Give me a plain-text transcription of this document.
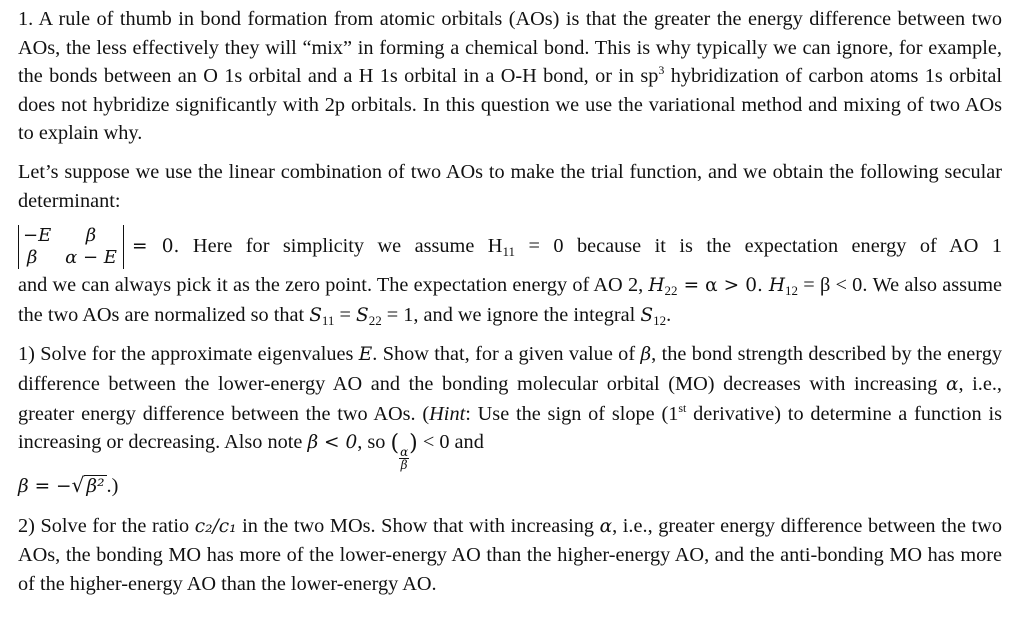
1. A rule of thumb in bond formation from atomic orbitals (AOs) is that the greater the energy difference between two AOs, the less effectively they will “mix” in forming a chemical bond. This is why typically we can ignore, for example, the bonds between an O 1s orbital and a H 1s orbital in a O-H bond, or in $sp^3$ hybridization of carbon atoms 1s orbital does not hybridize significantly with 2p orbitals. In this question we use the variational method and mixing of two AOs to explain why.

Let’s suppose we use the linear combination of two AOs to make the trial function, and we obtain the following secular determinant:

−E	β
β	α − E
= 0. Here for simplicity we assume $H_{11} = 0$ because it is the expectation energy of AO 1

and we can always pick it as the zero point. The expectation energy of AO 2, $H_{22} = \alpha > 0$. $H_{12} = \beta < 0$. We also assume the two AOs are normalized so that $S_{11} = S_{22} = 1$, and we ignore the integral $S_{12}$.

1) Solve for the approximate eigenvalues E. Show that, for a given value of β, the bond strength described by the energy difference between the lower-energy AO and the bonding molecular orbital (MO) decreases with increasing α, i.e., greater energy difference between the two AOs. (Hint: Use the sign of slope (1st derivative) to determine a function is increasing or decreasing. Also note β < 0, so (
$\frac{\alpha}{\beta}$
) < 0 and
β = −√ β².)

2) Solve for the ratio c₂/c₁ in the two MOs. Show that with increasing α, i.e., greater energy difference between the two AOs, the bonding MO has more of the lower-energy AO than the higher-energy AO, and the anti-bonding MO has more of the higher-energy AO than the lower-energy AO.
